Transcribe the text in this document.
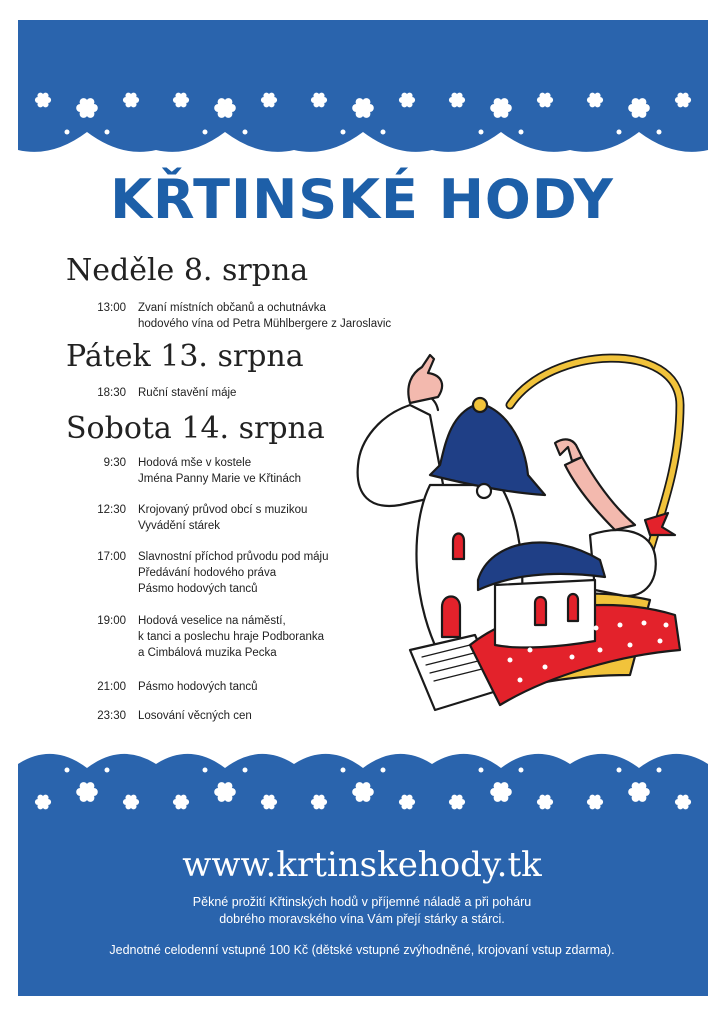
KŘTINSKÉ HODY
Neděle 8. srpna
13:00 Zvaní místních občanů a ochutnávka
hodového vína od Petra Mühlbergere z Jaroslavic
Pátek 13. srpna
18:30 Ruční stavění máje
Sobota 14. srpna
9:30 Hodová mše v kostele
Jména Panny Marie ve Křtinách
12:30 Krojovaný průvod obcí s muzikou
Vyvádění stárek
17:00 Slavnostní příchod průvodu pod máju
Předávání hodového práva
Pásmo hodových tanců
19:00 Hodová veselice na náměstí,
k tanci a poslechu hraje Podboranka
a Cimbálová muzika Pecka
21:00 Pásmo hodových tanců
23:30 Losování věcných cen
www.krtinskehody.tk
Pěkné prožití Křtinských hodů v příjemné náladě a při poháru
dobrého moravského vína Vám přejí stárky a stárci.
Jednotné celodenní vstupné 100 Kč (dětské vstupné zvýhodněné, krojovaní vstup zdarma).
